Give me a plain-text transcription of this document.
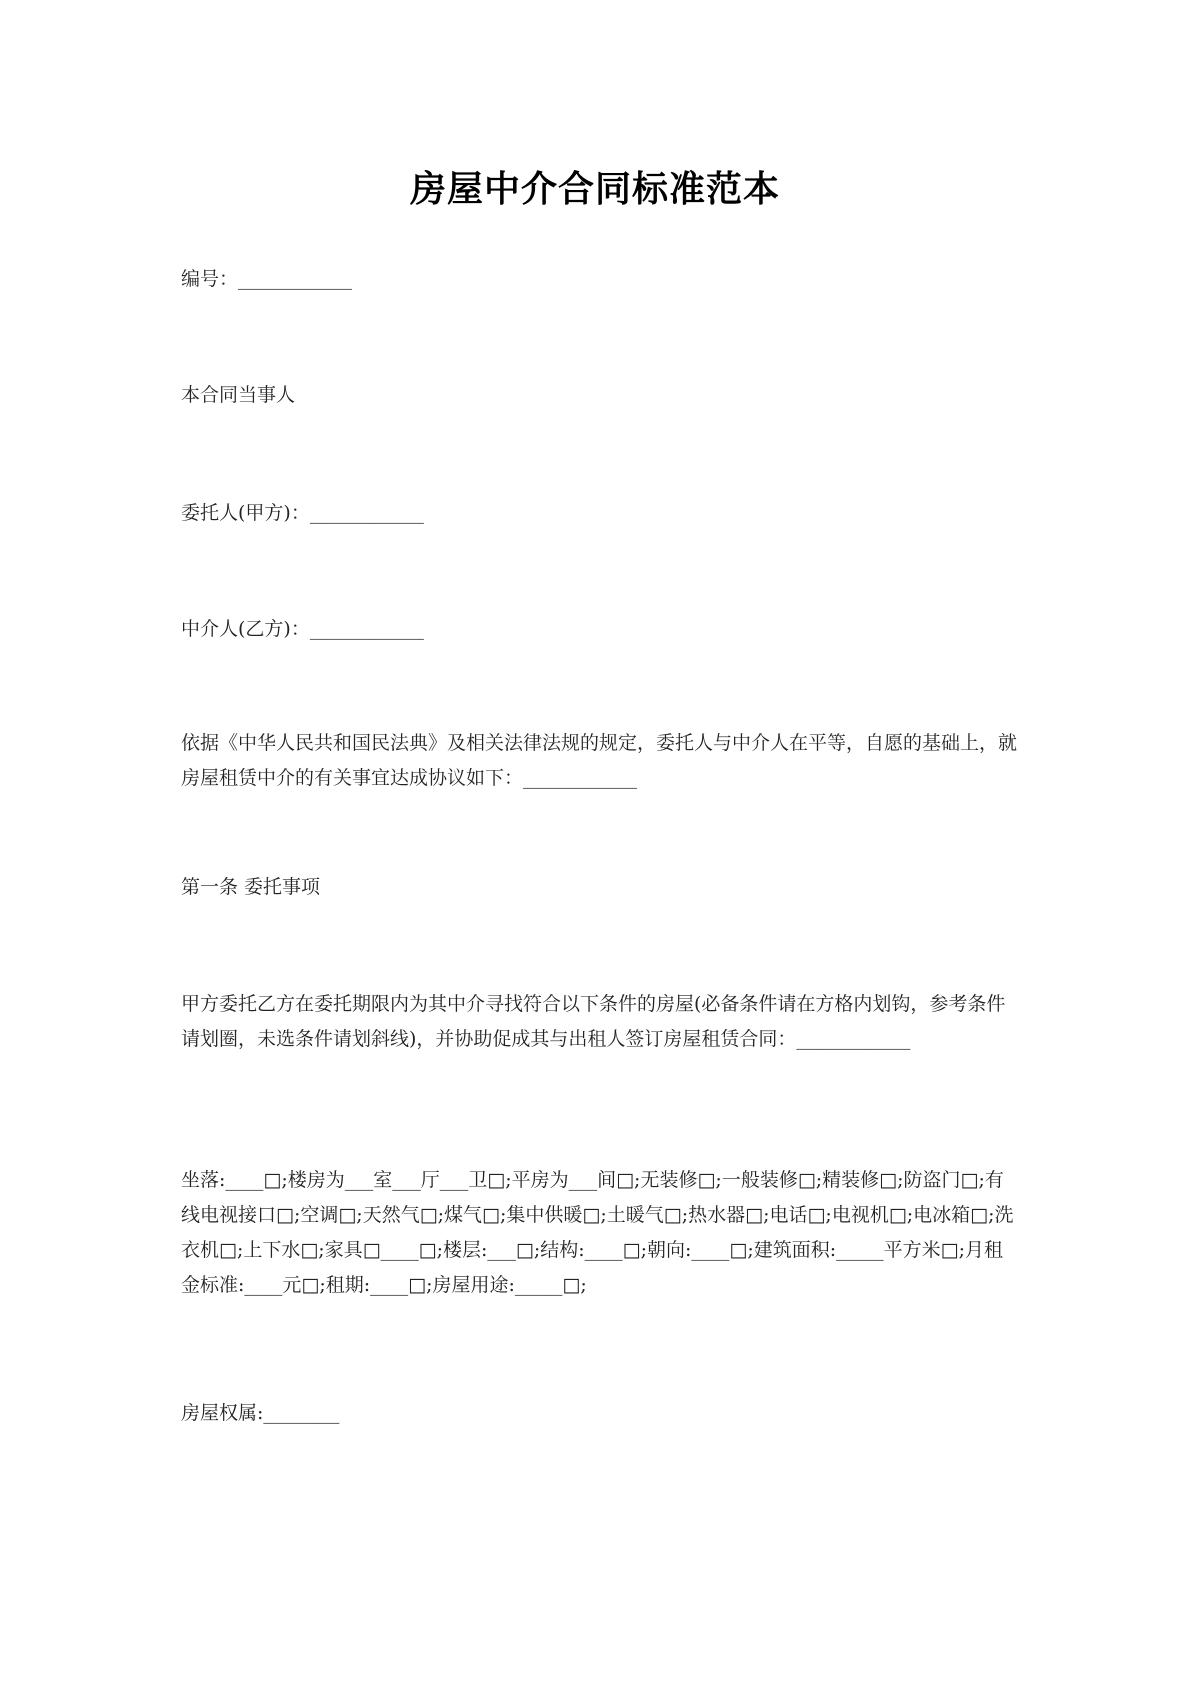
房屋中介合同标准范本
编号：____________
本合同当事人
委托人(甲方)：____________
中介人(乙方)：____________
依据《中华人民共和国民法典》及相关法律法规的规定，委托人与中介人在平等，自愿的基础上，就房屋租赁中介的有关事宜达成协议如下：____________
第一条 委托事项
甲方委托乙方在委托期限内为其中介寻找符合以下条件的房屋(必备条件请在方格内划钩，参考条件请划圈，未选条件请划斜线)，并协助促成其与出租人签订房屋租赁合同：____________
坐落:____□;楼房为___室___厅___卫□;平房为___间□;无装修□;一般装修□;精装修□;防盗门□;有线电视接口□;空调□;天然气□;煤气□;集中供暖□;土暖气□;热水器□;电话□;电视机□;电冰箱□;洗衣机□;上下水□;家具□____□;楼层:___□;结构:____□;朝向:____□;建筑面积:_____平方米□;月租金标准:____元□;租期:____□;房屋用途:_____□;
房屋权属:________
